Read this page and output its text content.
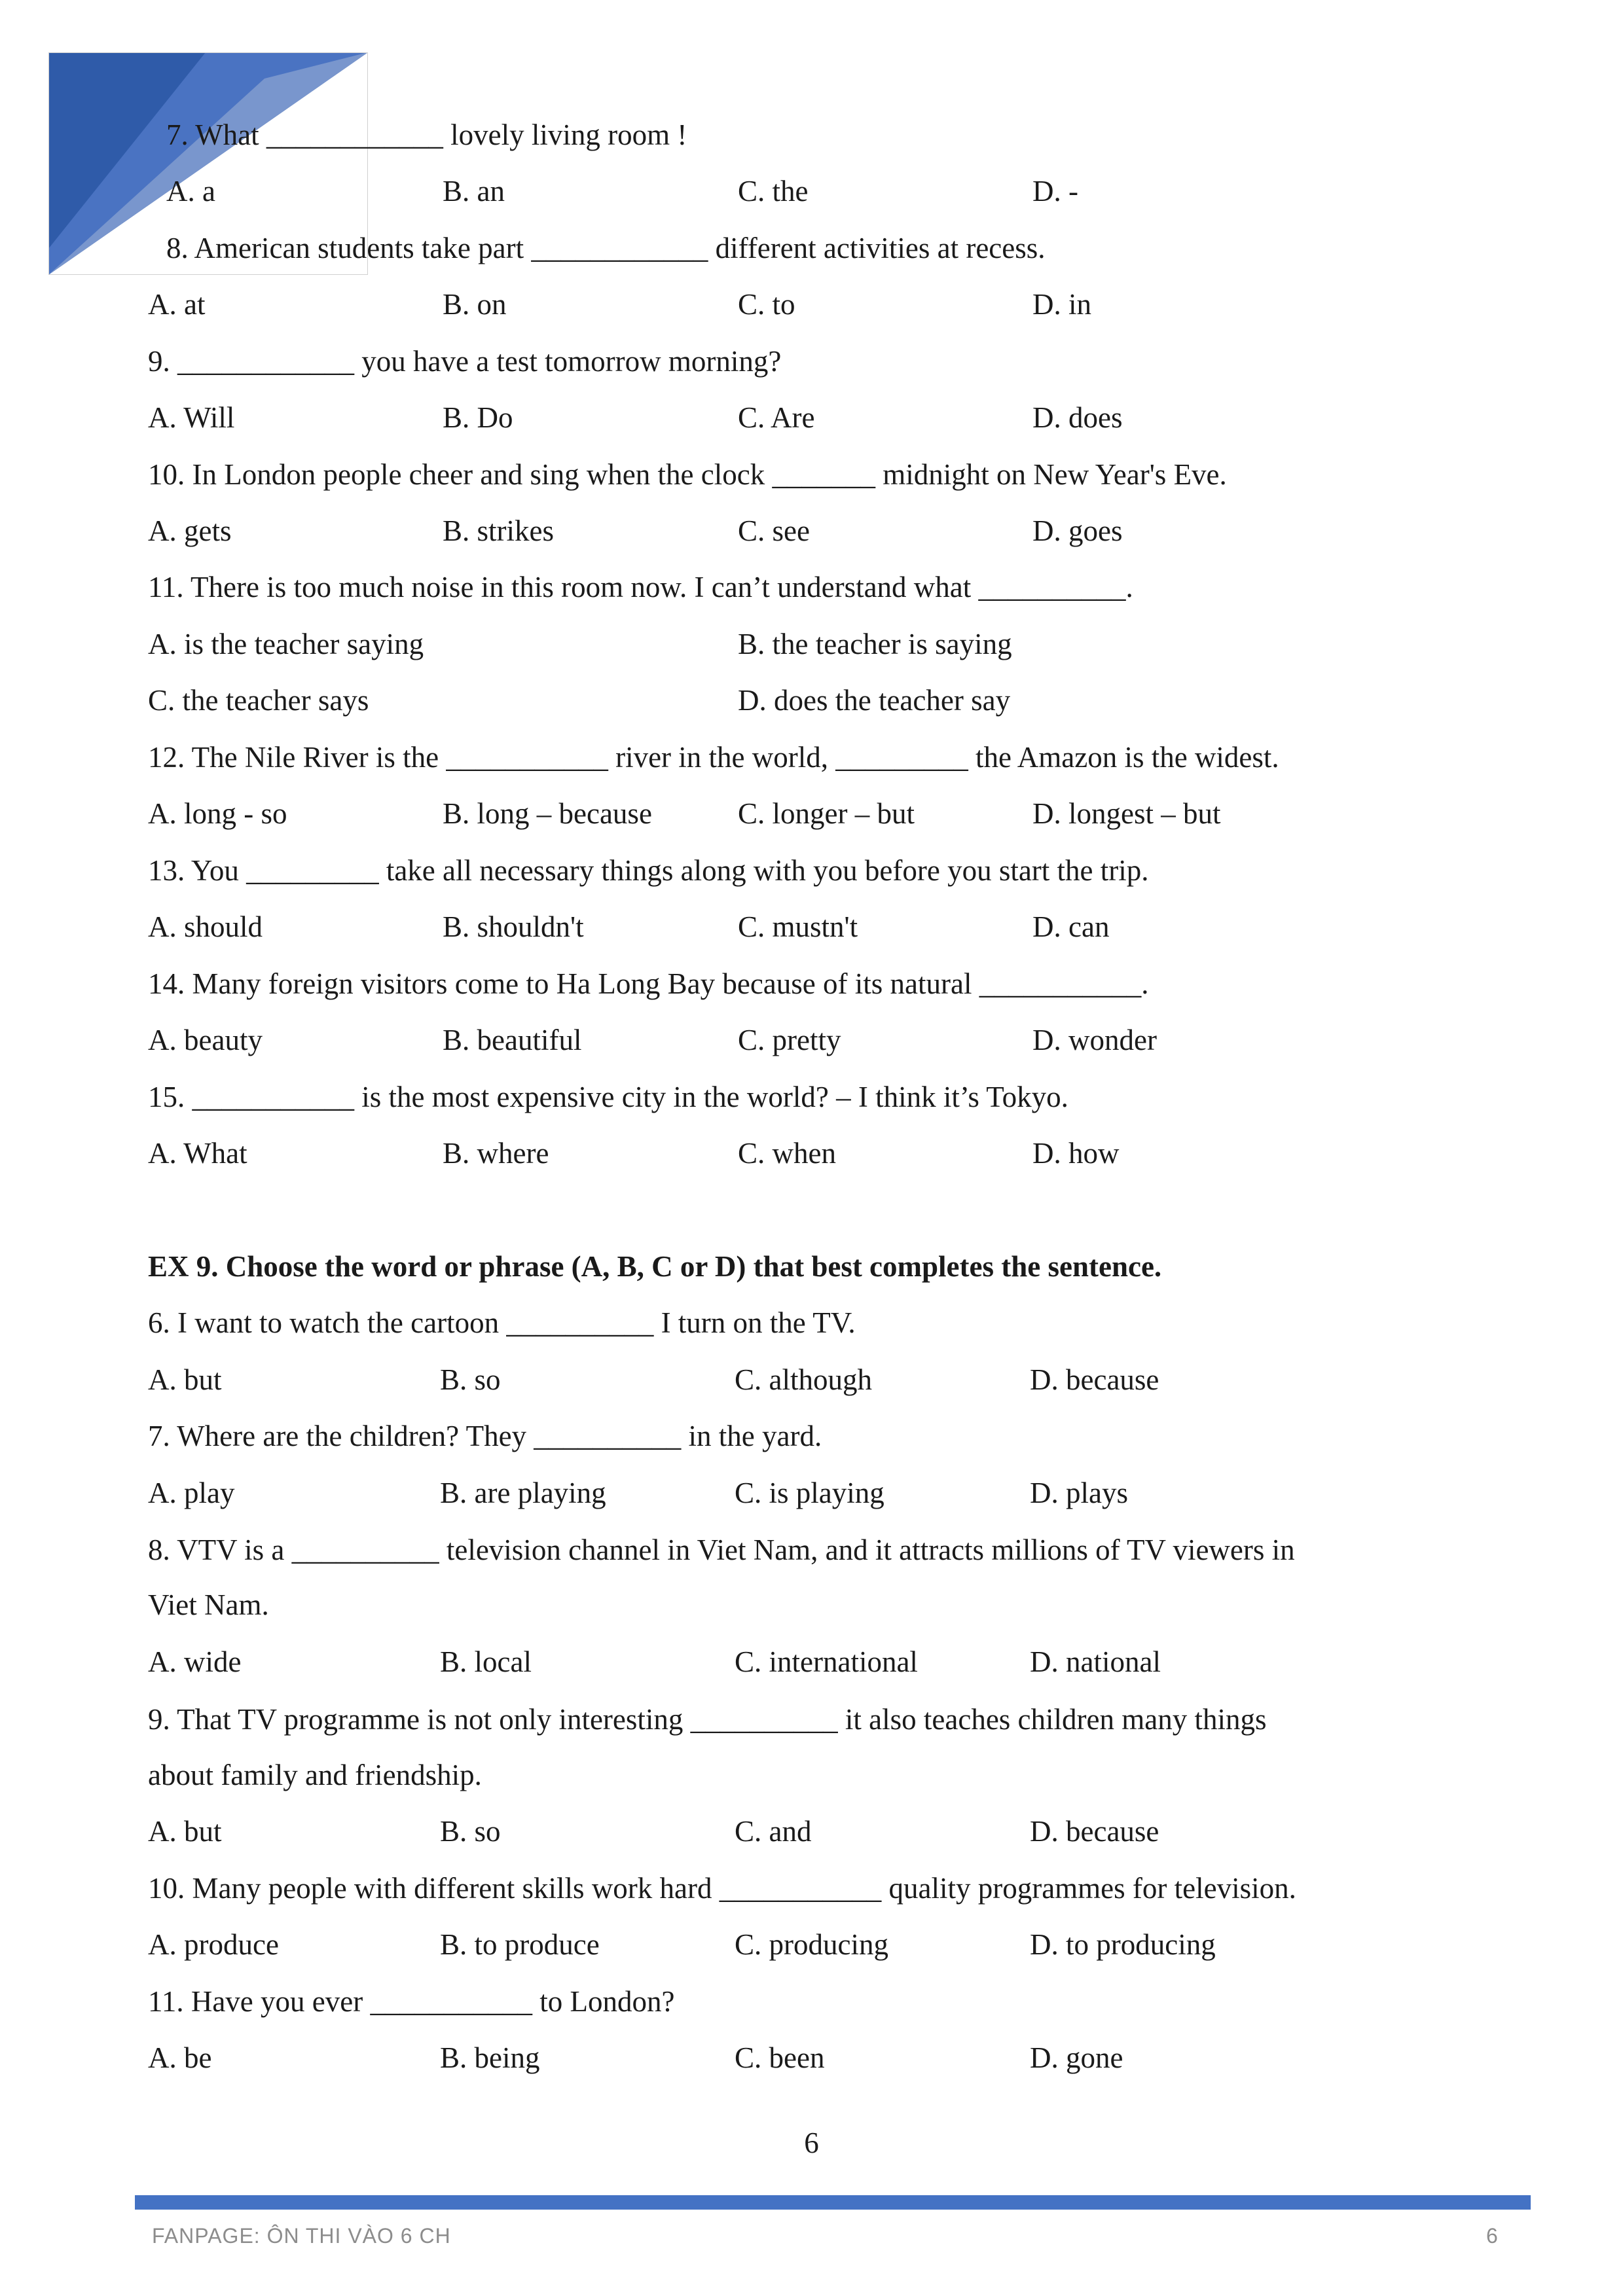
7. What ____________ lovely living room !
A. a	B. an	C. the	D. -
8. American students take part ____________ different activities at recess.
A. at	B. on	C. to	D. in
9. ____________ you have a test tomorrow morning?
A. Will	B. Do	C. Are	D. does
10. In London people cheer and sing when the clock _______ midnight on New Year's Eve.
A. gets	B. strikes	C. see	D. goes
11. There is too much noise in this room now. I can’t understand what __________.
A. is the teacher saying	B. the teacher is saying
C. the teacher says	D. does the teacher say
12. The Nile River is the ___________ river in the world, _________ the Amazon is the widest.
A. long - so	B. long – because	C. longer – but	D. longest – but
13. You _________ take all necessary things along with you before you start the trip.
A. should	B. shouldn't	C. mustn't	D. can
14. Many foreign visitors come to Ha Long Bay because of its natural ___________.
A. beauty	B. beautiful	C. pretty	D. wonder
15. ___________ is the most expensive city in the world? – I think it’s Tokyo.
A. What	B. where	C. when	D. how
EX 9. Choose the word or phrase (A, B, C or D) that best completes the sentence.
6. I want to watch the cartoon __________ I turn on the TV.
A. but	B. so	C. although	D. because
7. Where are the children? They __________ in the yard.
A. play	B. are playing	C. is playing	D. plays
8. VTV is a __________ television channel in Viet Nam, and it attracts millions of TV viewers in
Viet Nam.
A. wide	B. local	C. international	D. national
9. That TV programme is not only interesting __________ it also teaches children many things
about family and friendship.
A. but	B. so	C. and	D. because
10. Many people with different skills work hard ___________ quality programmes for television.
A. produce	B. to produce	C. producing	D. to producing
11. Have you ever ___________ to London?
A. be	B. being	C. been	D. gone
6
FANPAGE: ÔN THI VÀO 6 CH	6
